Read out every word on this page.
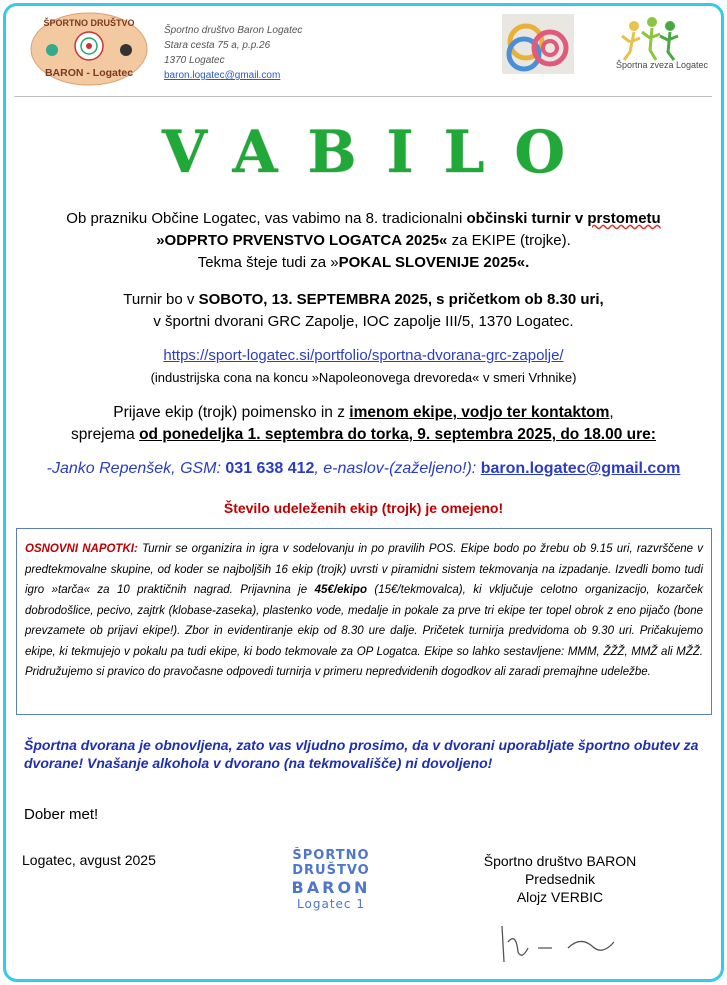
ŠPORTNO DRUŠTVO
BARON - Logatec
Športno društvo Baron Logatec
Stara cesta 75 a, p.p.26
1370 Logatec
baron.logatec@gmail.com
Športna zveza Logatec
VABILO
Ob prazniku Občine Logatec, vas vabimo na 8. tradicionalni občinski turnir v prstometu
»ODPRTO PRVENSTVO LOGATCA 2025« za EKIPE (trojke).
Tekma šteje tudi za »POKAL SLOVENIJE 2025«.
Turnir bo v SOBOTO, 13. SEPTEMBRA 2025, s pričetkom ob 8.30 uri,
v športni dvorani GRC Zapolje, IOC zapolje III/5, 1370 Logatec.
https://sport-logatec.si/portfolio/sportna-dvorana-grc-zapolje/
(industrijska cona na koncu »Napoleonovega drevoreda« v smeri Vrhnike)
Prijave ekip (trojk) poimensko in z imenom ekipe, vodjo ter kontaktom,
sprejema od ponedeljka 1. septembra do torka, 9. septembra 2025, do 18.00 ure:
-Janko Repenšek, GSM: 031 638 412, e-naslov-(zaželjeno!): baron.logatec@gmail.com
Število udeleženih ekip (trojk) je omejeno!
OSNOVNI NAPOTKI: Turnir se organizira in igra v sodelovanju in po pravilih POS. Ekipe bodo po žrebu ob 9.15 uri, razvrščene v predtekmovalne skupine, od koder se najboljših 16 ekip (trojk) uvrsti v piramidni sistem tekmovanja na izpadanje. Izvedli bomo tudi igro »tarča« za 10 praktičnih nagrad. Prijavnina je 45€/ekipo (15€/tekmovalca), ki vključuje celotno organizacijo, kozarček dobrodošlice, pecivo, zajtrk (klobase-zaseka), plastenko vode, medalje in pokale za prve tri ekipe ter topel obrok z eno pijačo (bone prevzamete ob prijavi ekipe!). Zbor in evidentiranje ekip od 8.30 ure dalje. Pričetek turnirja predvidoma ob 9.30 uri. Pričakujemo ekipe, ki tekmujejo v pokalu pa tudi ekipe, ki bodo tekmovale za OP Logatca. Ekipe so lahko sestavljene: MMM, ŽŽŽ, MMŽ ali MŽŽ. Pridružujemo si pravico do pravočasne odpovedi turnirja v primeru nepredvidenih dogodkov ali zaradi premajhne udeležbe.
Športna dvorana je obnovljena, zato vas vljudno prosimo, da v dvorani uporabljate športno obutev za dvorane! Vnašanje alkohola v dvorano (na tekmovališče) ni dovoljeno!
Dober met!
Logatec, avgust 2025	ŠPORTNO DRUŠTVO
BARON
Logatec 1
Športno društvo BARON
Predsednik
Alojz VERBIC
